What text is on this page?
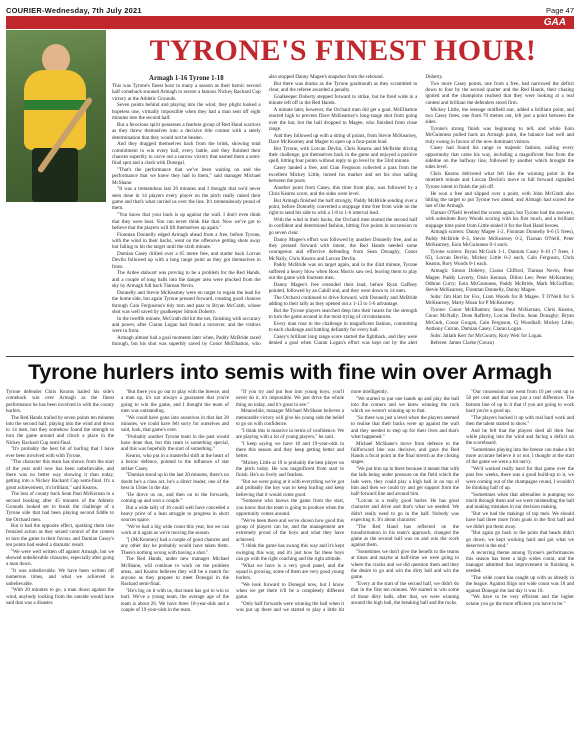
COURIER-Wednesday, 7th July 2021	Page 47
GAA
TYRONE'S FINEST HOUR!
Armagh 1-16 Tyrone 1-18

This was Tyrone's finest hour in many a season as their heroic second half comeback stunned Armagh to secure a famous Nickey Rackard Cup victory at the Athletic Grounds.

Seven points behind and playing into the wind, they plight looked a hopeless one, virtually impossible when they had a man sent off eight minutes into the second half.

But a ferocious spirit possesses a fearless group of Red Hand warriors as they threw themselves into a decisive title contest with a steely determination that they would not be beaten.

And they dragged themselves back from the brink, showing total commitment to win every ball, every battle, and they finished their chances superbly to carve out a narrow victory that earned them a semi-final spot and a clash with Donegal.

"That's the performance that we've been waiting on and the performance that we knew they had in them," said manager Michael McShane.

"It was a tremendous last 20 minutes and I thought that we'd never seen done in 14 players every player on the pitch really raised their game and that's what carried us over the line. It's tremendously proud of them.

"You know that your back is up against the wall. I don't even think that they were beat. You can never think like that. Now we've got to believe that the players will lift themselves up again."

Fionntan Donnelly edged Armagh ahead from a free, before Tyrone, with the wind in their backs, went on the offensive getting shots away but failing to hit the target until the sixth minute.

Damian Casey drilled over a 65 metre free, and starter back Lorcan Devlin followed up with a long range point as they got themselves in front.

The Ardee stalwart was proving to be a problem for the Red Hands, and a couple of long balls into the danger area were plucked from the sky by Armagh full back Tiarnan Nevin.

Donnelly and Stevie McKearney were on target to regain the lead for the home side, but again Tyrone pressed forward, creating good chances through Cain Fergusons's tidy turn and pass to Bryan McCrath, whose shot was well saved by goalkeeper Simon Doherty.

In the twelfth minute, McGrath did hit the net, finishing with accuracy and power, after Ciaran Logan had found a turnover, and the visitors were in front.

Armagh almost had a goal moments later when, Paddy McBride raced through, but his shot was superbly saved by Conor McElhatton, who also stopped Danny Magee's snapshot from the rebound.

But there was drama as the Tyrone goalmouth as they scrambled to clear, and the referee awarded a penalty.

Goalkeeper Doherty stepped forward to strike, but he fired wide in a minute left off in the Red Hands.

A minute later, however, the Orchard men did get a goal. McElhatton reacted high to prevent Dave McKearney's long-range shot from going over the bar, but the ball dropped to Magee, who finished from close range.

And they followed up with a string of points, from Stevie McKearney, Dave McKearney and Magee to open up a four-point lead.

But Tyrone, with Lorcan Devlin, Chris Kearns and McBride driving their challenge, got themselves back in the game and enjoyed a positive spell, hitting four points without reply to go level by the 33rd minute.

Casey landed a free, and Cian Ferguson collected a pass from the excellent Mickey Little, turned his marker and set his shot sailing between the posts.

Another point from Casey, this time from play, was followed by a Chris Kearns score, and the sides were level.

But Armagh finished the half strongly, Paddy McBride sending over a point, before Donnelly converted a stoppage time free from wide on the right to send his side to with a 1-8 to 1-6 interval lead.

With the wind in their backs, the Orchard men started the second half in confident and determined fashion, hitting five points in succession to go seven clear.

Danny Magee's effort was followed by another Donnelly free, and as they pressed forward with intent, the Red Hands needed some courageous and effective defending from Sean Donaghy, Conor McNally, Chris Kearns and Lorcan Devlin.

Paddy McBride was on target again, and in the 43rd minute, Tyrone suffered a heavy blow when Ross Morris saw red, leaving them to play out the game with fourteen men.

Danny Magee's free extended their lead, before Ryan Gaffney pointed, followed by an Cahill and, and they were down to 14 men.

The Orchard continued to drive forward, with Donnelly and McBride adding to their tally as they opened out a 1-13 to 1-6 advantage.

But the Tyrone players searched deep into their hearts for the strength to turn the game around in the most trying of circumstances.

Every man rose to the challenge in magnificent fashion, committing to each challenge and battling defiantly for every ball.

Casey's brilliant long range score started the fightback, and they were denied a goal when Ciaran Logan's effort was kept out by the alert Doherty.

Two more Casey points, one from a free, had narrowed the deficit down to four by the second quarter and the Red Hands, their chasing ignited and the champions realised that they were looking at a real contest and brilliant the defenders stood firm.

Mickey Little, the teenage midfield star, added a brilliant point, and two Casey frees, one from 70 metres out, left just a point between the sides.

Tyrone's strong finish was beginning to tell, and while Eoin McGuinness pulled back an Armagh point, the balance had well and truly swung in favour of the now dominant visitors.

Casey had found his range in majestic fashion, nailing every opportunity that came his way, including a magnificent free from the sideline on the halfway line, followed by another which brought the sides level.

Chris Kearns delivered what felt like the winning point in the ninetieth minute and Lorcan Devlin's move to full forward signalled Tyrone intent to finish the job off.

He won a free and slipped over a point, with John McGrath also hitting the target to put Tyrone two ahead, and Armagh had scored the last of the Armagh.

Tiarnan O'Neill levelled the scores again, but Tyrone had the answers, with substitute Rory Woods scoring with his first touch, and a brilliant stoppage time point from Little sealed it for the Red Hand heroes.

Armagh scorers: Danny Magee 1-2, Fionntan Donnelly 0-6 (5 frees), Paddy McBride 0-3, Stevie McKearney 0-2, Tiarnan O'Neill, Peter McKearney, Eoin McGuinness 0-1 each.

Tyrone scorers: Bryan McGurk 1-1, Damian Casey 0-10 (7 frees, 1 65), Lorcan Devlin, Mickey Little 0-2 each, Cain Ferguson, Chris Kearns, Rory Woods 0-1 each.

Armagh: Simon Doherty, Ciaran Clifford, Tiarnan Nevin, Peter Magee; Paddy Laverty, Oisin Kennan, Dillon Lee; Peter McKearney, Odhran Curry; Eoin McGuinness, Paddy McBride, Mark McGuffinn; Stevie McKearney, Fionntan Donnelly, Danny Magee.

Subs: Jim Hart for Fox, Liam Woods for B Magee, T O'Neill for S McKearney, Marty Moan for P McKearney.

Tyrone: Conor McElhatton; Sean Paul McKernan, Chris Kearns, Conor McNally; Dean Rafferty, Lorcan Devlin, Sean Donaghy; Bryan McGurk, Conor Grogan, Cain Ferguson, Cj Woodhall; Mickey Little, Anthony Curran, Damian Casey, Ciaran Logan.

Subs: Jallath Kerr for McGourty, Rory Weir for Logan.

Referee: James Clarke (Cavan)

Tyrone hurlers into semis with fine win over Armagh

Tyrone defender Chris Kearns hailed his side's comeback win over Armagh as the finest performance he has been involved in with the county hurlers.

The Red Hands trailed by seven points ten minutes into the second half, playing into the wind and down to 14 men, but they somehow found the strength to turn the game around and clinch a place in the Nickey Rackard Cup semi-final.

"It's probably the best bit of hurling that I have ever been involved with with Tyrone.

"The character this team has shown from the start of the year until now has been unbelievable, and there was no better way showing it than today, getting into a Nickey Rackard Cup semi-final. It's a great achievement, it's brilliant," said Kearns.

The loss of county back Sean Paul McKernan to a second booking after 45 minutes of the Athletic Grounds looked set to break the challenge of a Tyrone side that had been playing second fiddle to the Orchard men.

But it had the opposite effect, sparking them into frenzied action as they seized control of the contest to turn the game in their favour, and Damian Casey's ten points had sealed a dramatic result.

"We were well written off against Armagh, but we showed unbelievable character, especially after going a man down.

"It was unbelievable. We have been written off numerous times, and what we achieved is unbelievable.

"With 20 minutes to go, a man down against the wind, anybody looking from the outside would have said that was a disaster.

"But there you go out to play with the breeze, and a man up, it's not always a guarantee that you're going to win the game, and I thought the team of men was outstanding.

"We could have gone into ourselves in that last 20 minutes, we could have felt sorry for ourselves and said, look, that game's over.

"Probably another Tyrone team in the past would have done that, but this team is something special, and this was hopefully the start of something."

Kearns, who put in a masterful shift at the heart of a heroic defence, pointed to the influence of star striker Casey.

"Damian stood up in the last 20 minutes, there's no doubt he's a class act, he's a direct leader, one of the best in Ulster in the day.

"He drove us on, and then on to the forwards, coming up and won a couple."

But a wide tally of 16 could well have conceded a heavy price of a lean struggle to progress in short sources space.

"We've had a big wide count this year, but we can work at it again as we're moving the season.

"[ (McKearney) had a couple of good chances and any other day he probably would have taken them. There's nothing wrong with having a shot."

The Red Hands, under new manager Michael McShane, will continue to work on the problem areas, and Kearns believes they will be a match for anyone as they prepare to meet Donegal in the Rackard semi-final.

"He's big on it with us, that team has got to win to hurl. We've a young team, the average age of the team is about 26. We have three 18-year-olds and a couple of 19-year-olds in the team.

"If you try and put fear into young boys, you'll never do it, it's impossible. We just drive the whole thing on today, and it's great to see."

Meanwhile, manager Michael McShane believes a memorable victory will give his young side the belief to go on with confidence.

"I think this is massive in terms of confidence. We are playing with a lot of young players," he said.

"I keep saying we have 18 and 19-year-olds in there this season and they keep getting better and better.

"Mickey Little at 19 is probably the best player on the pitch today. He was magnificent from start to finish. He's so lively and fearless.

"But we were going at it with everything we've got and probably the key was to keep hurling and keep believing that it would come good.

"Someone who knows the game from the start, you know that the team is going to produce when the opportunity comes around.

"We've been there and we've shown how good this group of players can be, and the management are extremely proud of the boys and what they have achieved.

"I think the game has swung this way and it's kept swinging this way, and it's just how far these boys can go with the right coaching and the right attitude.

"What we have is a very good panel, and the squad is growing, some of them are very good young hurlers.

"We look forward to Donegal now, but I know when we get there it'll be a completely different game.

"Only half forwards were winning the ball when it was put up there and we started to play a little bit more intelligently.

"We started to put one hands up and play the ball into the corners and we knew winning the ruck which we weren't winning up to that.

"So there was just a level when the players seemed to realise that their backs were up against the wall and they needed to step up for their lives and that's what happened."

Michael McShane's move from defence to the fullforward line was decisive, and gave the Red Hands a focal point in the final stretch as the closing stages.

"We put him up in there because it meant that with the lads being under pressure on the field which the lads were, they could play a high ball in on top of him and then we could try and get support from the half-forward line and around him.

"Lorcan is a really good hurler. He has great character and drive and that's what we needed. We didn't really need to go in the half. Nobody was expecting it. It's about character.

"The Red Hand has reflected on the transformation in his team's approach, changed the game as the second half was on and was the work against them.

"Sometimes we don't give the benefit to the teams at times and maybe at half-time we were going to where the cracks and we did question them and they the desire to go and win the dirty ball and win the game.

"Every at the start of the second half, we didn't do that in the first ten minutes. We started to win some of those dirty balls, after that, we were winning around the high ball, the breaking ball and the rucks.

"Our concession rate went from 10 per cent up to 50 per cent and that was just a real difference. The bottom line of up in it that if you are going to work hard you're a good up.

"The players backed it up with real hard work and then the talent started to show."

And he felt that the players shed all their fear while playing into the wind and facing a deficit on the scoreboard.

"Sometimes playing into the breeze can make a bit more accurate believe it or not. I thought at the start of the game we were a bit nervy.

"We'd worked really hard for that game over the past few weeks, there was a good build-up to it, we were coming out of the champagne round, I wouldn't be thinking half of up.

"Sometimes when that adrenaline is pumping too much through them and we were misheading the ball and making mistakes in our decision making.

"But we had the makings of top men. We should have had three more from goals in the first half and we didn't put them away.

"But again go back to the point that heads didn't go down, we kept working hard and got what we deserved in the end."

A recurring theme among Tyrone's performances this season has been a high wides count, and the manager admitted that improvement in finishing is needed.

"The wide count has caught up with us already in the league. Against Sligo our wide count was 18 and against Donegal the last day it was 16.

"We have to be very efficient and the higher octane you go the more efficient you have to be."
